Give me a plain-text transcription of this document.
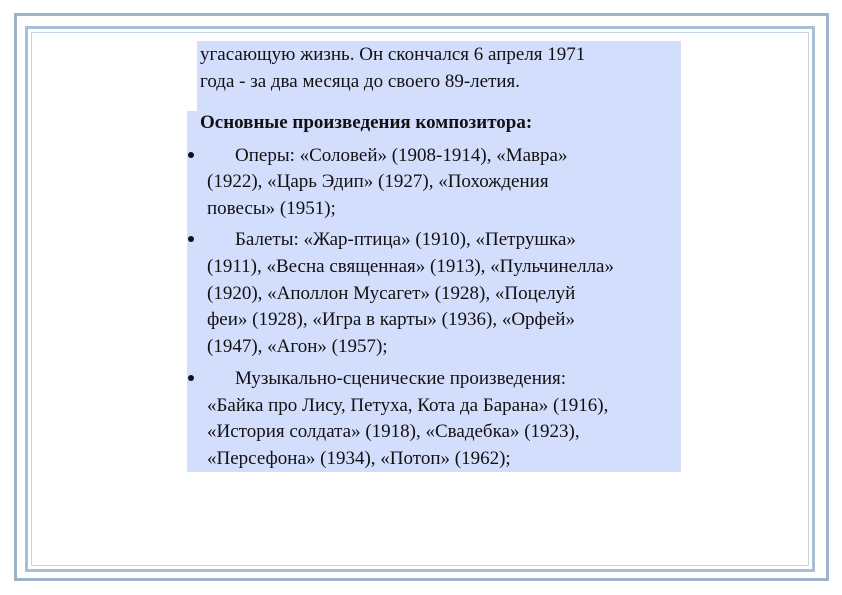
угасающую жизнь. Он скончался 6 апреля 1971
года - за два месяца до своего 89-летия.
Основные произведения композитора:
Оперы: «Соловей» (1908-1914), «Мавра»
(1922), «Царь Эдип» (1927), «Похождения
повесы» (1951);
Балеты: «Жар-птица» (1910), «Петрушка»
(1911), «Весна священная» (1913), «Пульчинелла»
(1920), «Аполлон Мусагет» (1928), «Поцелуй
феи» (1928), «Игра в карты» (1936), «Орфей»
(1947), «Агон» (1957);
Музыкально-сценические произведения:
«Байка про Лису, Петуха, Кота да Барана» (1916),
«История солдата» (1918), «Свадебка» (1923),
«Персефона» (1934), «Потоп» (1962);
